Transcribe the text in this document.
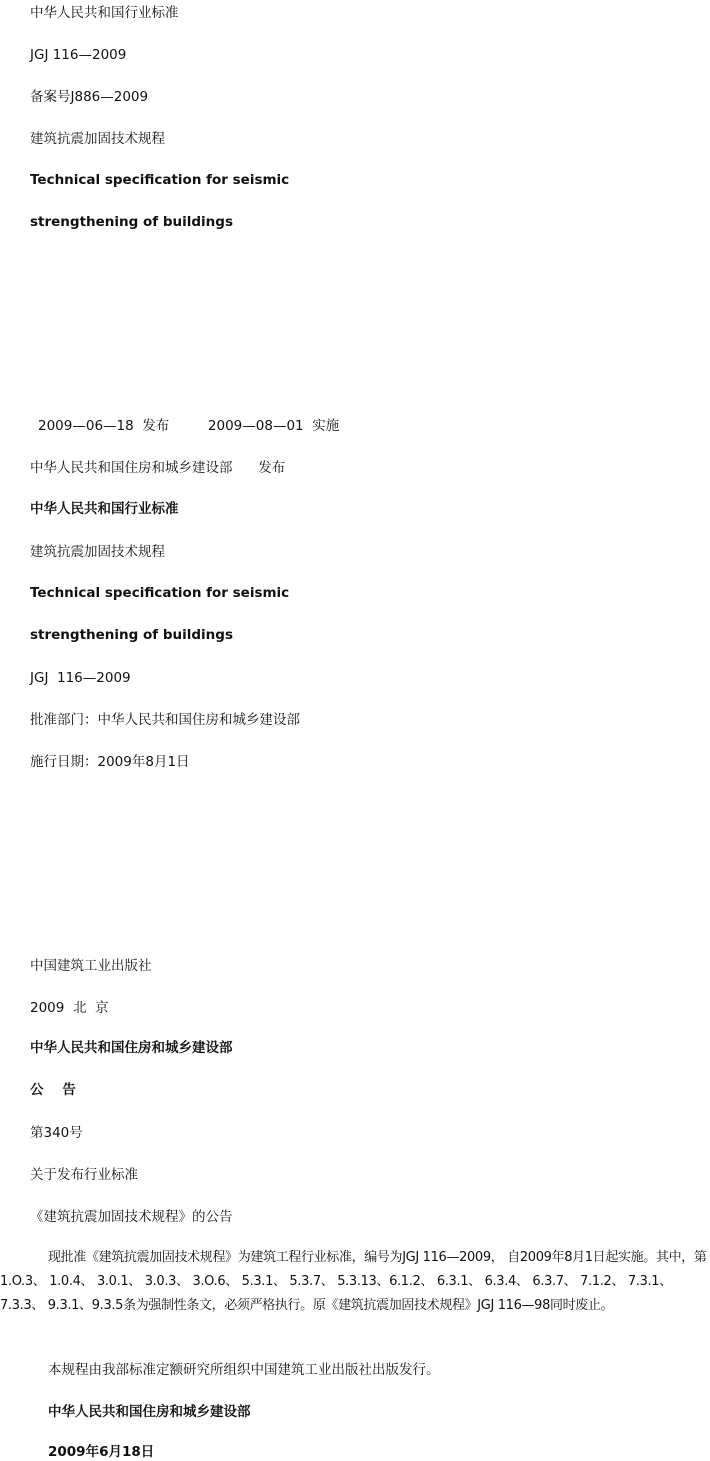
中华人民共和国行业标准
JGJ 116—2009
备案号J886—2009
建筑抗震加固技术规程
Technical specification for seismic
strengthening of buildings
2009—06—18  发布         2009—08—01  实施
中华人民共和国住房和城乡建设部      发布
中华人民共和国行业标准
建筑抗震加固技术规程
Technical specification for seismic
strengthening of buildings
JGJ  116—2009
批准部门：中华人民共和国住房和城乡建设部
施行日期：2009年8月1日
中国建筑工业出版社
2009  北  京
中华人民共和国住房和城乡建设部
公    告
第340号
关于发布行业标准
《建筑抗震加固技术规程》的公告
现批准《建筑抗震加固技术规程》为建筑工程行业标准，编号为JGJ 116—2009， 自2009年8月1日起实施。其中，第1.O.3、 1.0.4、 3.0.1、 3.0.3、 3.O.6、 5.3.1、 5.3.7、 5.3.13、6.1.2、 6.3.1、 6.3.4、 6.3.7、 7.1.2、 7.3.1、 7.3.3、 9.3.1、9.3.5条为强制性条文，必须严格执行。原《建筑抗震加固技术规程》JGJ 116—98同时废止。
本规程由我部标准定额研究所组织中国建筑工业出版社出版发行。
中华人民共和国住房和城乡建设部
2009年6月18日
